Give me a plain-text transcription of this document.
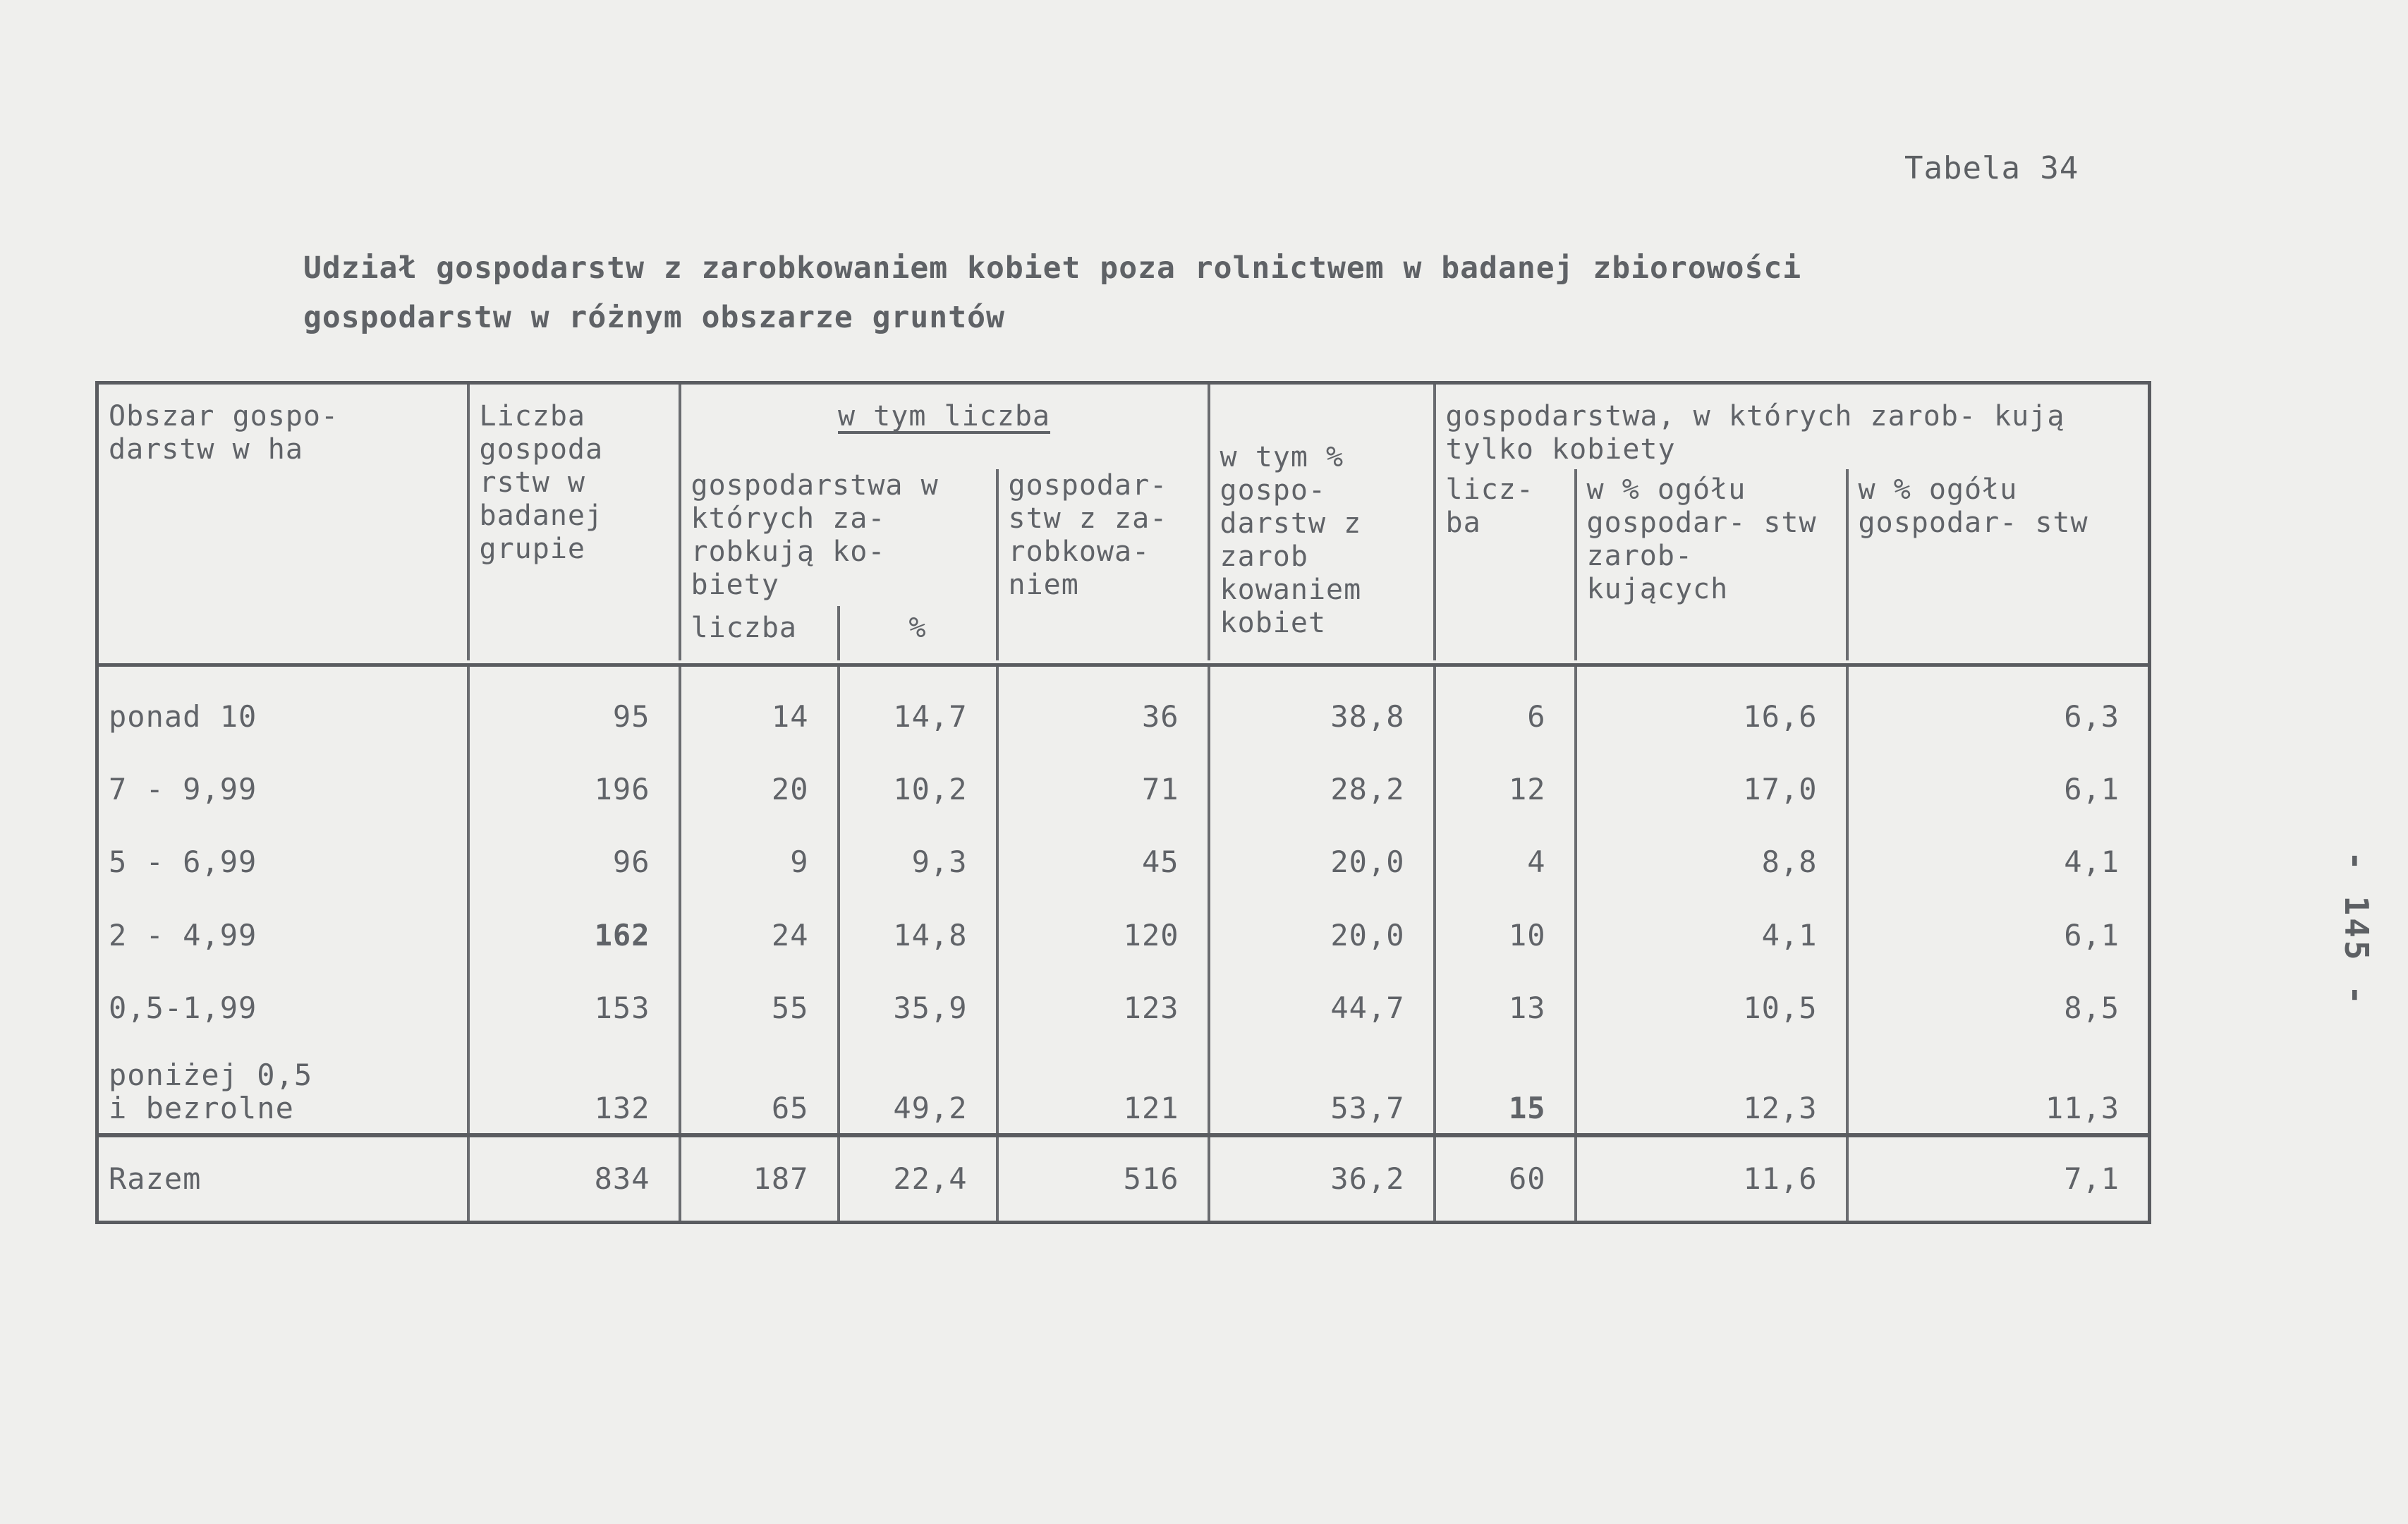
Tabela 34
Udział gospodarstw z zarobkowaniem kobiet poza rolnictwem w badanej zbiorowości
gospodarstw w różnym obszarze gruntów
- 145 -
Obszar gospo- darstw w ha	Liczba gospoda rstw w badanej grupie	w tym liczba			w tym % gospo- darstw z zarob kowaniem kobiet	gospodarstwa, w których zarob- kują tylko kobiety		
		gospodarstwa w których za- robkują ko- biety		gospodar- stw z za- robkowa- niem		licz- ba	w % ogółu gospodar- stw zarob- kujących	w % ogółu gospodar- stw
		liczba	%					

ponad 10	95	14	14,7	36	38,8	6	16,6	6,3
7 - 9,99	196	20	10,2	71	28,2	12	17,0	6,1
5 - 6,99	96	9	9,3	45	20,0	4	8,8	4,1
2 - 4,99	162	24	14,8	120	20,0	10	4,1	6,1
0,5-1,99	153	55	35,9	123	44,7	13	10,5	8,5
poniżej 0,5 i bezrolne	132	65	49,2	121	53,7	15	12,3	11,3
Razem	834	187	22,4	516	36,2	60	11,6	7,1
